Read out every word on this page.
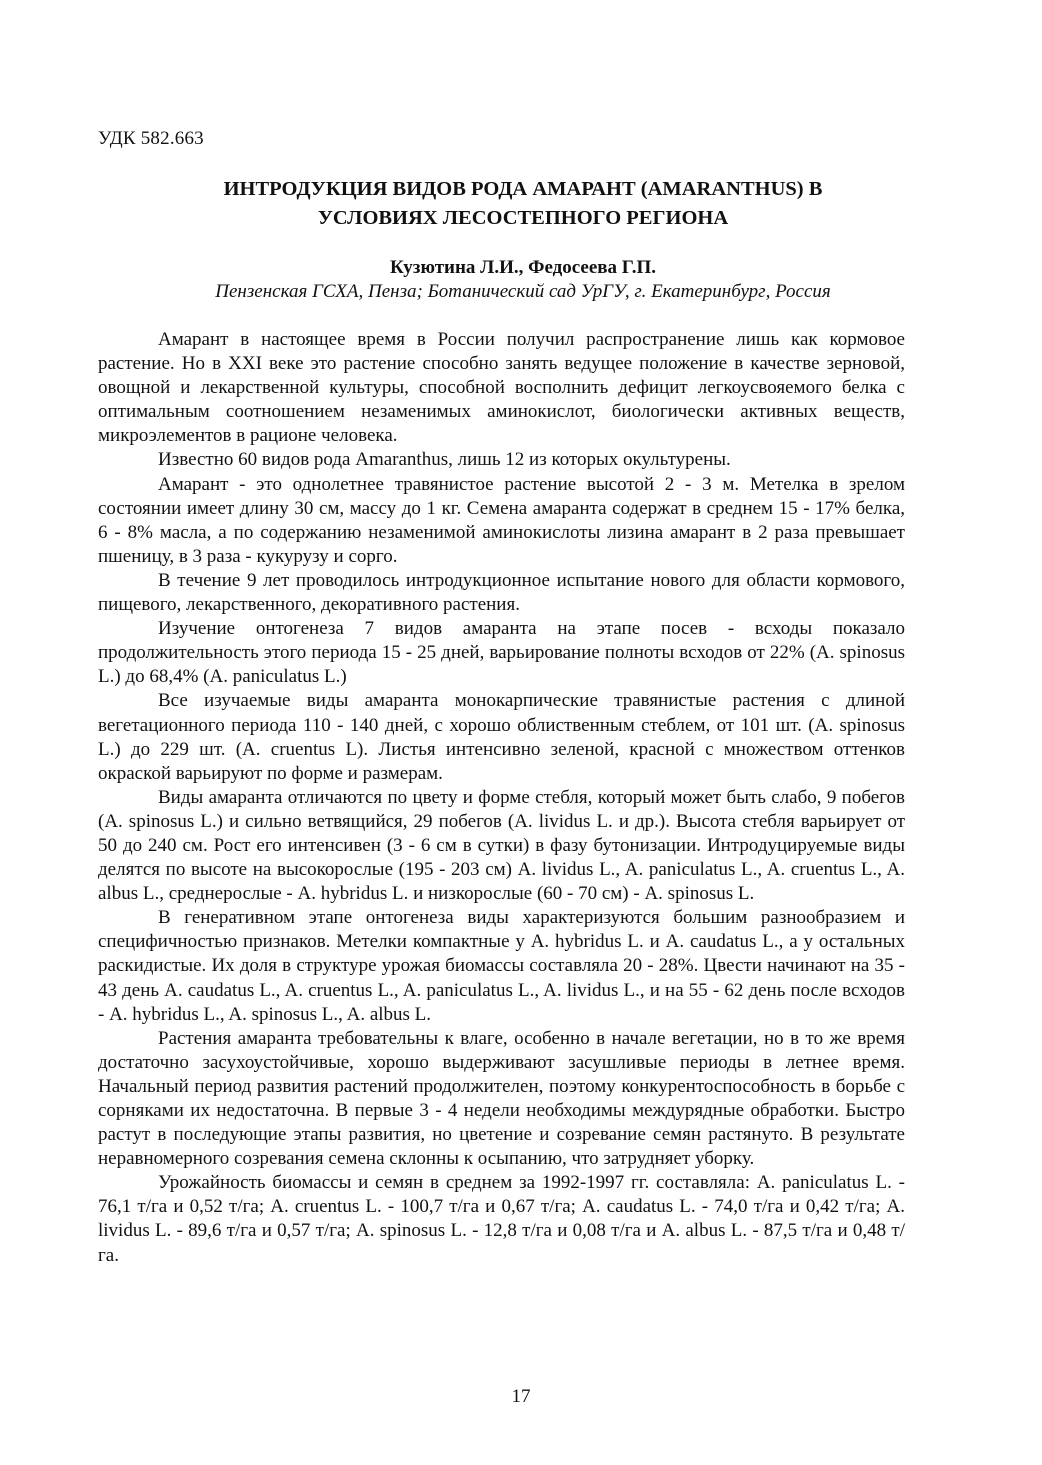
УДК 582.663
ИНТРОДУКЦИЯ ВИДОВ РОДА АМАРАНТ (AMARANTHUS) В
УСЛОВИЯХ ЛЕСОСТЕПНОГО РЕГИОНА
Кузютина Л.И., Федосеева Г.П.
Пензенская ГСХА, Пенза; Ботанический сад УрГУ, г. Екатеринбург, Россия

Амарант в настоящее время в России получил распространение лишь как кормовое растение. Но в XXI веке это растение способно занять ведущее положение в качестве зерновой, овощной и лекарственной культуры, способной восполнить дефицит легкоусвояемого белка с оптимальным соотношением незаменимых аминокислот, биологически активных веществ, микроэлементов в рационе человека.

Известно 60 видов рода Amaranthus, лишь 12 из которых окультурены.

Амарант - это однолетнее травянистое растение высотой 2 - 3 м. Метелка в зрелом состоянии имеет длину 30 см, массу до 1 кг. Семена амаранта содержат в среднем 15 - 17% белка, 6 - 8% масла, а по содержанию незаменимой аминокислоты лизина амарант в 2 раза превышает пшеницу, в 3 раза - кукурузу и сорго.

В течение 9 лет проводилось интродукционное испытание нового для области кормового, пищевого, лекарственного, декоративного растения.

Изучение онтогенеза 7 видов амаранта на этапе посев - всходы показало продолжительность этого периода 15 - 25 дней, варьирование полноты всходов от 22% (A. spinosus L.) до 68,4% (A. paniculatus L.)

Все изучаемые виды амаранта монокарпические травянистые растения с длиной вегетационного периода 110 - 140 дней, с хорошо облиственным стеблем, от 101 шт. (A. spinosus L.) до 229 шт. (A. cruentus L). Листья интенсивно зеленой, красной с множеством оттенков окраской варьируют по форме и размерам.

Виды амаранта отличаются по цвету и форме стебля, который может быть слабо, 9 побегов (A. spinosus L.) и сильно ветвящийся, 29 побегов (A. lividus L. и др.). Высота стебля варьирует от 50 до 240 см. Рост его интенсивен (3 - 6 см в сутки) в фазу бутонизации. Интродуцируемые виды делятся по высоте на высокорослые (195 - 203 см) A. lividus L., A. paniculatus L., A. cruentus L., A. albus L., среднерослые - A. hybridus L. и низкорослые (60 - 70 см) - A. spinosus L.

В генеративном этапе онтогенеза виды характеризуются большим разнообразием и специфичностью признаков. Метелки компактные у A. hybridus L. и A. caudatus L., а у остальных раскидистые. Их доля в структуре урожая биомассы составляла 20 - 28%. Цвести начинают на 35 - 43 день A. caudatus L., A. cruentus L., A. paniculatus L., A. lividus L., и на 55 - 62 день после всходов - A. hybridus L., A. spinosus L., A. albus L.

Растения амаранта требовательны к влаге, особенно в начале вегетации, но в то же время достаточно засухоустойчивые, хорошо выдерживают засушливые периоды в летнее время. Начальный период развития растений продолжителен, поэтому конкурентоспособность в борьбе с сорняками их недостаточна. В первые 3 - 4 недели необходимы междурядные обработки. Быстро растут в последующие этапы развития, но цветение и созревание семян растянуто. В результате неравномерного созревания семена склонны к осыпанию, что затрудняет уборку.

Урожайность биомассы и семян в среднем за 1992-1997 гг. составляла: A. paniculatus L. - 76,1 т/га и 0,52 т/га; A. cruentus L. - 100,7 т/га и 0,67 т/га; A. caudatus L. - 74,0 т/га и 0,42 т/га; A. lividus L. - 89,6 т/га и 0,57 т/га; A. spinosus L. - 12,8 т/га и 0,08 т/га и A. albus L. - 87,5 т/га и 0,48 т/га.

17
